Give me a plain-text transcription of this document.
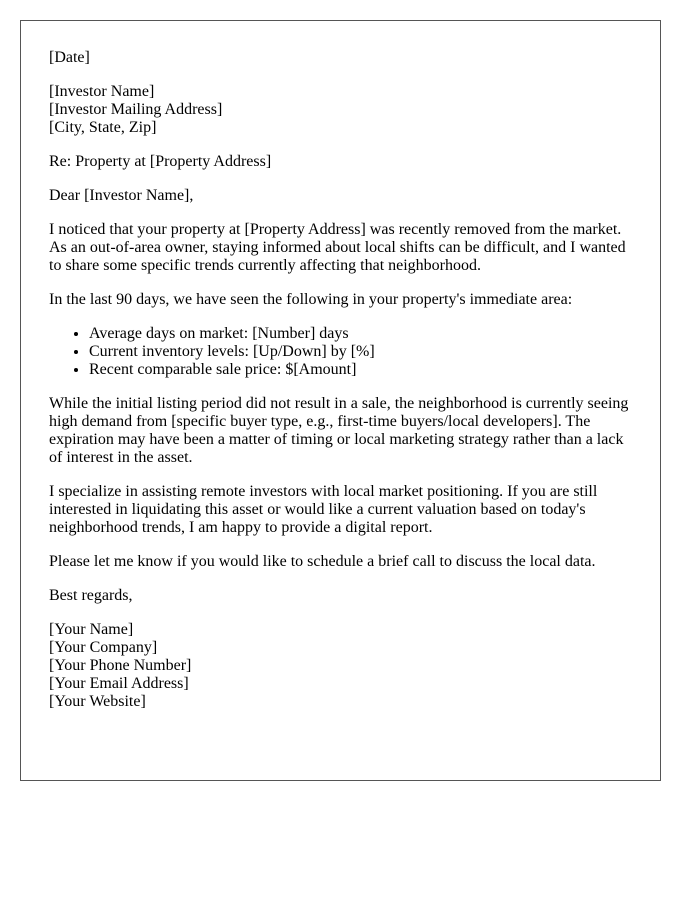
[Date]

[Investor Name]
[Investor Mailing Address]
[City, State, Zip]

Re: Property at [Property Address]

Dear [Investor Name],

I noticed that your property at [Property Address] was recently removed from the market. As an out-of-area owner, staying informed about local shifts can be difficult, and I wanted to share some specific trends currently affecting that neighborhood.

In the last 90 days, we have seen the following in your property's immediate area:

• Average days on market: [Number] days
• Current inventory levels: [Up/Down] by [%]
• Recent comparable sale price: $[Amount]

While the initial listing period did not result in a sale, the neighborhood is currently seeing high demand from [specific buyer type, e.g., first-time buyers/local developers]. The expiration may have been a matter of timing or local marketing strategy rather than a lack of interest in the asset.

I specialize in assisting remote investors with local market positioning. If you are still interested in liquidating this asset or would like a current valuation based on today's neighborhood trends, I am happy to provide a digital report.

Please let me know if you would like to schedule a brief call to discuss the local data.

Best regards,

[Your Name]
[Your Company]
[Your Phone Number]
[Your Email Address]
[Your Website]
